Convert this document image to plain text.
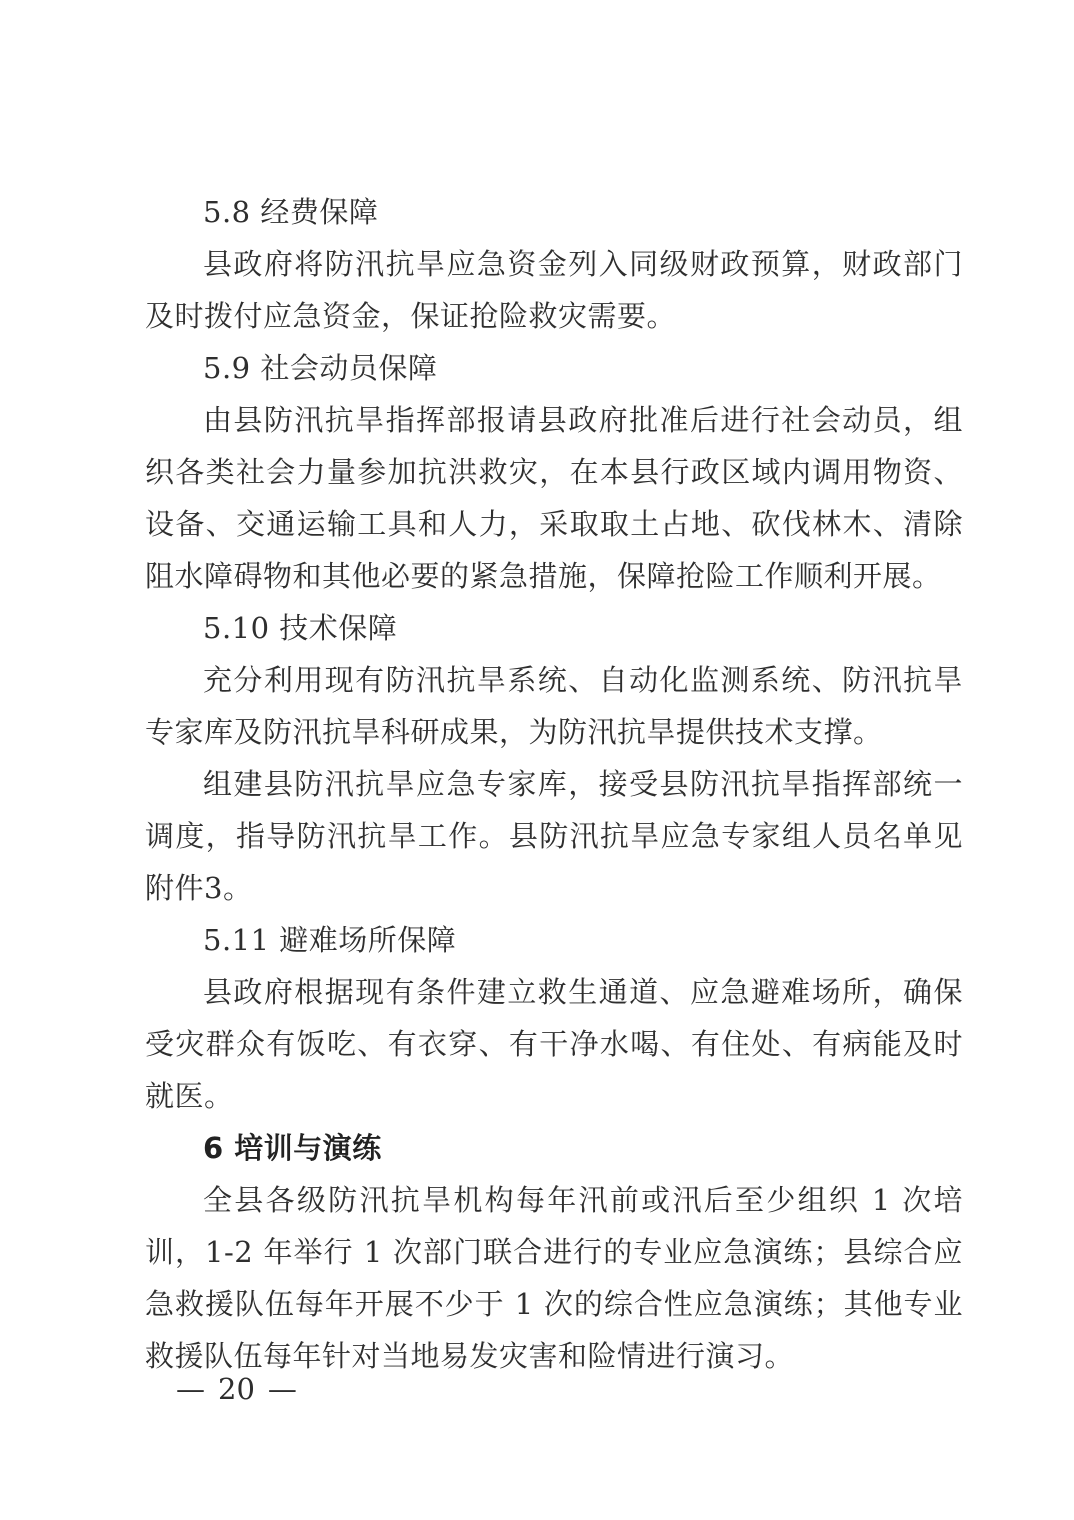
5.8 经费保障

县政府将防汛抗旱应急资金列入同级财政预算，财政部门及时拨付应急资金，保证抢险救灾需要。

5.9 社会动员保障

由县防汛抗旱指挥部报请县政府批准后进行社会动员，组织各类社会力量参加抗洪救灾，在本县行政区域内调用物资、设备、交通运输工具和人力，采取取土占地、砍伐林木、清除阻水障碍物和其他必要的紧急措施，保障抢险工作顺利开展。

5.10 技术保障

充分利用现有防汛抗旱系统、自动化监测系统、防汛抗旱专家库及防汛抗旱科研成果，为防汛抗旱提供技术支撑。

组建县防汛抗旱应急专家库，接受县防汛抗旱指挥部统一调度，指导防汛抗旱工作。县防汛抗旱应急专家组人员名单见附件3。

5.11 避难场所保障

县政府根据现有条件建立救生通道、应急避难场所，确保受灾群众有饭吃、有衣穿、有干净水喝、有住处、有病能及时就医。

6 培训与演练

全县各级防汛抗旱机构每年汛前或汛后至少组织 1 次培训，1-2 年举行 1 次部门联合进行的专业应急演练；县综合应急救援队伍每年开展不少于 1 次的综合性应急演练；其他专业救援队伍每年针对当地易发灾害和险情进行演习。

— 20 —
